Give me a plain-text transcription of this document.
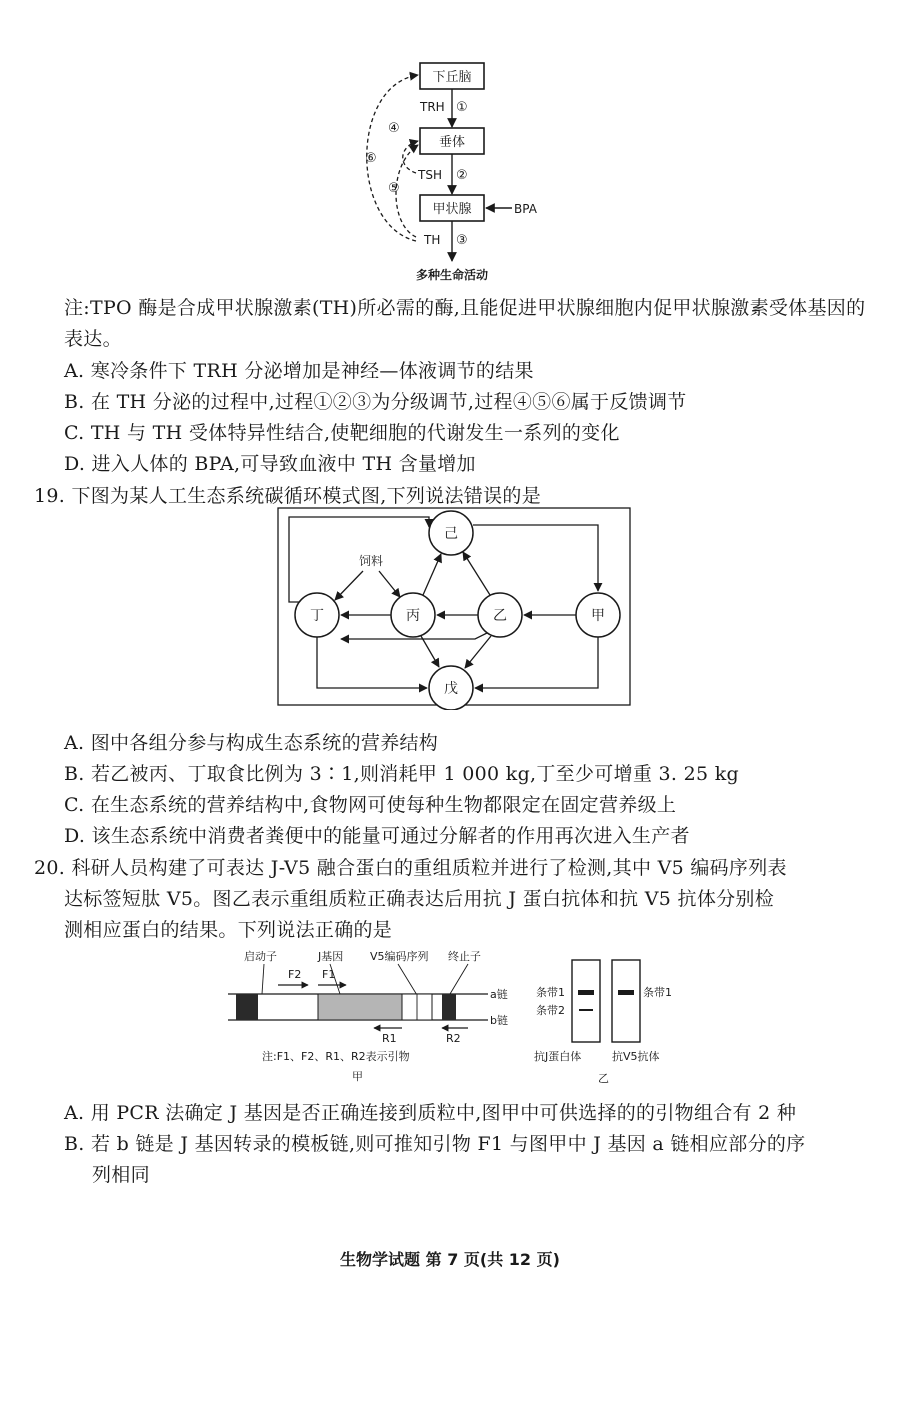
下丘脑
垂体
甲状腺	BPA
TRH ①
TSH ②
TH ③
④
⑤
⑥
多种生命活动
注:TPO 酶是合成甲状腺激素(TH)所必需的酶,且能促进甲状腺细胞内促甲状腺激素受体基因的
表达。
A. 寒冷条件下 TRH 分泌增加是神经—体液调节的结果
B. 在 TH 分泌的过程中,过程①②③为分级调节,过程④⑤⑥属于反馈调节
C. TH 与 TH 受体特异性结合,使靶细胞的代谢发生一系列的变化
D. 进入人体的 BPA,可导致血液中 TH 含量增加
19. 下图为某人工生态系统碳循环模式图,下列说法错误的是
己
丁	丙	乙	甲
戊
饲料
A. 图中各组分参与构成生态系统的营养结构
B. 若乙被丙、丁取食比例为 3∶1,则消耗甲 1 000 kg,丁至少可增重 3. 25 kg
C. 在生态系统的营养结构中,食物网可使每种生物都限定在固定营养级上
D. 该生态系统中消费者粪便中的能量可通过分解者的作用再次进入生产者
20. 科研人员构建了可表达 J-V5 融合蛋白的重组质粒并进行了检测,其中 V5 编码序列表
达标签短肽 V5。图乙表示重组质粒正确表达后用抗 J 蛋白抗体和抗 V5 抗体分别检
测相应蛋白的结果。下列说法正确的是
启动子	J基因 V5编码序列 终止子
F2 F1
a链
b链
R1	R2
注:F1、F2、R1、R2表示引物
甲
条带1
条带2
条带1
抗J蛋白体	抗V5抗体
乙
A. 用 PCR 法确定 J 基因是否正确连接到质粒中,图甲中可供选择的的引物组合有 2 种
B. 若 b 链是 J 基因转录的模板链,则可推知引物 F1 与图甲中 J 基因 a 链相应部分的序
列相同
生物学试题 第 7 页(共 12 页)
